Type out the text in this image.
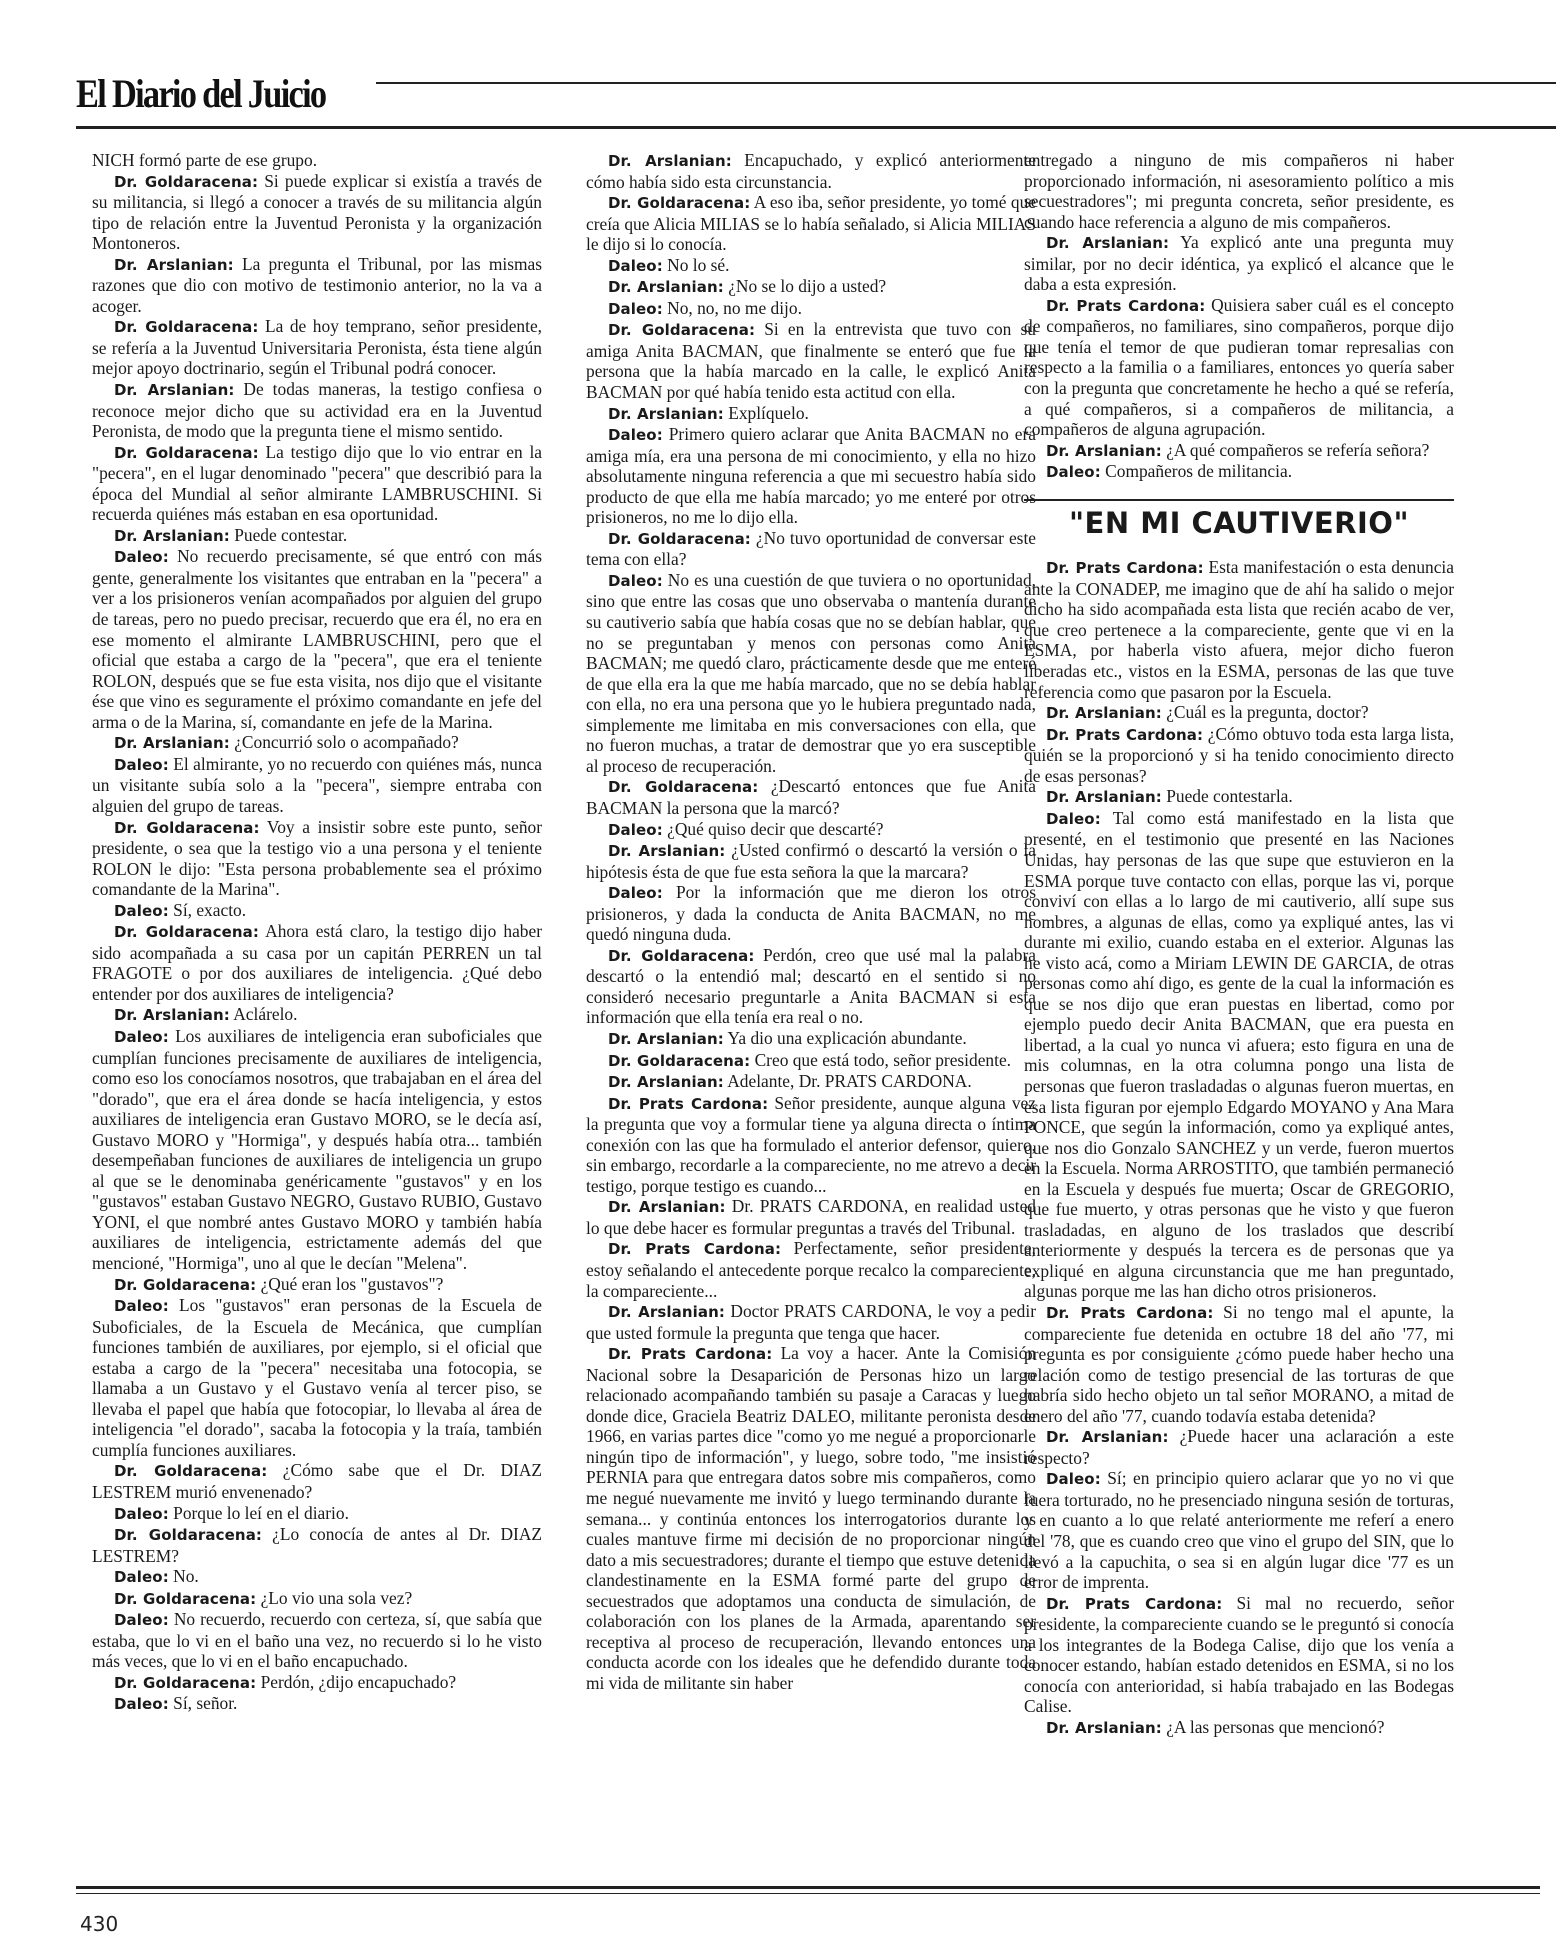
El Diario del Juicio

NICH formó parte de ese grupo.

Dr. Goldaracena: Si puede explicar si existía a través de su militancia, si llegó a conocer a través de su militancia algún tipo de relación entre la Juventud Peronista y la organización Montoneros.

Dr. Arslanian: La pregunta el Tribunal, por las mismas razones que dio con motivo de testimonio anterior, no la va a acoger.

Dr. Goldaracena: La de hoy temprano, señor presidente, se refería a la Juventud Universitaria Peronista, ésta tiene algún mejor apoyo doctrinario, según el Tribunal podrá conocer.

Dr. Arslanian: De todas maneras, la testigo confiesa o reconoce mejor dicho que su actividad era en la Juventud Peronista, de modo que la pregunta tiene el mismo sentido.

Dr. Goldaracena: La testigo dijo que lo vio entrar en la "pecera", en el lugar denominado "pecera" que describió para la época del Mundial al señor almirante LAMBRUSCHINI. Si recuerda quiénes más estaban en esa oportunidad.

Dr. Arslanian: Puede contestar.

Daleo: No recuerdo precisamente, sé que entró con más gente, generalmente los visitantes que entraban en la "pecera" a ver a los prisioneros venían acompañados por alguien del grupo de tareas, pero no puedo precisar, recuerdo que era él, no era en ese momento el almirante LAMBRUSCHINI, pero que el oficial que estaba a cargo de la "pecera", que era el teniente ROLON, después que se fue esta visita, nos dijo que el visitante ése que vino es seguramente el próximo comandante en jefe del arma o de la Marina, sí, comandante en jefe de la Marina.

Dr. Arslanian: ¿Concurrió solo o acompañado?

Daleo: El almirante, yo no recuerdo con quiénes más, nunca un visitante subía solo a la "pecera", siempre entraba con alguien del grupo de tareas.

Dr. Goldaracena: Voy a insistir sobre este punto, señor presidente, o sea que la testigo vio a una persona y el teniente ROLON le dijo: "Esta persona probablemente sea el próximo comandante de la Marina".

Daleo: Sí, exacto.

Dr. Goldaracena: Ahora está claro, la testigo dijo haber sido acompañada a su casa por un capitán PERREN un tal FRAGOTE o por dos auxiliares de inteligencia. ¿Qué debo entender por dos auxiliares de inteligencia?

Dr. Arslanian: Aclárelo.

Daleo: Los auxiliares de inteligencia eran suboficiales que cumplían funciones precisamente de auxiliares de inteligencia, como eso los conocíamos nosotros, que trabajaban en el área del "dorado", que era el área donde se hacía inteligencia, y estos auxiliares de inteligencia eran Gustavo MORO, se le decía así, Gustavo MORO y "Hormiga", y después había otra... también desempeñaban funciones de auxiliares de inteligencia un grupo al que se le denominaba genéricamente "gustavos" y en los "gustavos" estaban Gustavo NEGRO, Gustavo RUBIO, Gustavo YONI, el que nombré antes Gustavo MORO y también había auxiliares de inteligencia, estrictamente además del que mencioné, "Hormiga", uno al que le decían "Melena".

Dr. Goldaracena: ¿Qué eran los "gustavos"?

Daleo: Los "gustavos" eran personas de la Escuela de Suboficiales, de la Escuela de Mecánica, que cumplían funciones también de auxiliares, por ejemplo, si el oficial que estaba a cargo de la "pecera" necesitaba una fotocopia, se llamaba a un Gustavo y el Gustavo venía al tercer piso, se llevaba el papel que había que fotocopiar, lo llevaba al área de inteligencia "el dorado", sacaba la fotocopia y la traía, también cumplía funciones auxiliares.

Dr. Goldaracena: ¿Cómo sabe que el Dr. DIAZ LESTREM murió envenenado?

Daleo: Porque lo leí en el diario.

Dr. Goldaracena: ¿Lo conocía de antes al Dr. DIAZ LESTREM?

Daleo: No.

Dr. Goldaracena: ¿Lo vio una sola vez?

Daleo: No recuerdo, recuerdo con certeza, sí, que sabía que estaba, que lo vi en el baño una vez, no recuerdo si lo he visto más veces, que lo vi en el baño encapuchado.

Dr. Goldaracena: Perdón, ¿dijo encapuchado?

Daleo: Sí, señor.

Dr. Arslanian: Encapuchado, y explicó anteriormente cómo había sido esta circunstancia.

Dr. Goldaracena: A eso iba, señor presidente, yo tomé que creía que Alicia MILIAS se lo había señalado, si Alicia MILIAS le dijo si lo conocía.

Daleo: No lo sé.

Dr. Arslanian: ¿No se lo dijo a usted?

Daleo: No, no, no me dijo.

Dr. Goldaracena: Si en la entrevista que tuvo con su amiga Anita BACMAN, que finalmente se enteró que fue la persona que la había marcado en la calle, le explicó Anita BACMAN por qué había tenido esta actitud con ella.

Dr. Arslanian: Explíquelo.

Daleo: Primero quiero aclarar que Anita BACMAN no era amiga mía, era una persona de mi conocimiento, y ella no hizo absolutamente ninguna referencia a que mi secuestro había sido producto de que ella me había marcado; yo me enteré por otros prisioneros, no me lo dijo ella.

Dr. Goldaracena: ¿No tuvo oportunidad de conversar este tema con ella?

Daleo: No es una cuestión de que tuviera o no oportunidad, sino que entre las cosas que uno observaba o mantenía durante su cautiverio sabía que había cosas que no se debían hablar, que no se preguntaban y menos con personas como Anita BACMAN; me quedó claro, prácticamente desde que me enteré de que ella era la que me había marcado, que no se debía hablar con ella, no era una persona que yo le hubiera preguntado nada, simplemente me limitaba en mis conversaciones con ella, que no fueron muchas, a tratar de demostrar que yo era susceptible al proceso de recuperación.

Dr. Goldaracena: ¿Descartó entonces que fue Anita BACMAN la persona que la marcó?

Daleo: ¿Qué quiso decir que descarté?

Dr. Arslanian: ¿Usted confirmó o descartó la versión o la hipótesis ésta de que fue esta señora la que la marcara?

Daleo: Por la información que me dieron los otros prisioneros, y dada la conducta de Anita BACMAN, no me quedó ninguna duda.

Dr. Goldaracena: Perdón, creo que usé mal la palabra descartó o la entendió mal; descartó en el sentido si no consideró necesario preguntarle a Anita BACMAN si esta información que ella tenía era real o no.

Dr. Arslanian: Ya dio una explicación abundante.

Dr. Goldaracena: Creo que está todo, señor presidente.

Dr. Arslanian: Adelante, Dr. PRATS CARDONA.

Dr. Prats Cardona: Señor presidente, aunque alguna vez la pregunta que voy a formular tiene ya alguna directa o íntima conexión con las que ha formulado el anterior defensor, quiero, sin embargo, recordarle a la compareciente, no me atrevo a decir testigo, porque testigo es cuando...

Dr. Arslanian: Dr. PRATS CARDONA, en realidad usted lo que debe hacer es formular preguntas a través del Tribunal.

Dr. Prats Cardona: Perfectamente, señor presidente, estoy señalando el antecedente porque recalco la compareciente, la compareciente...

Dr. Arslanian: Doctor PRATS CARDONA, le voy a pedir que usted formule la pregunta que tenga que hacer.

Dr. Prats Cardona: La voy a hacer. Ante la Comisión Nacional sobre la Desaparición de Personas hizo un largo relacionado acompañando también su pasaje a Caracas y luego donde dice, Graciela Beatriz DALEO, militante peronista desde 1966, en varias partes dice "como yo me negué a proporcionarle ningún tipo de información", y luego, sobre todo, "me insistió PERNIA para que entregara datos sobre mis compañeros, como me negué nuevamente me invitó y luego terminando durante la semana... y continúa entonces los interrogatorios durante los cuales mantuve firme mi decisión de no proporcionar ningún dato a mis secuestradores; durante el tiempo que estuve detenida clandestinamente en la ESMA formé parte del grupo de secuestrados que adoptamos una conducta de simulación, de colaboración con los planes de la Armada, aparentando ser receptiva al proceso de recuperación, llevando entonces una conducta acorde con los ideales que he defendido durante toda mi vida de militante sin haber

entregado a ninguno de mis compañeros ni haber proporcionado información, ni asesoramiento político a mis secuestradores"; mi pregunta concreta, señor presidente, es cuando hace referencia a alguno de mis compañeros.

Dr. Arslanian: Ya explicó ante una pregunta muy similar, por no decir idéntica, ya explicó el alcance que le daba a esta expresión.

Dr. Prats Cardona: Quisiera saber cuál es el concepto de compañeros, no familiares, sino compañeros, porque dijo que tenía el temor de que pudieran tomar represalias con respecto a la familia o a familiares, entonces yo quería saber con la pregunta que concretamente he hecho a qué se refería, a qué compañeros, si a compañeros de militancia, a compañeros de alguna agrupación.

Dr. Arslanian: ¿A qué compañeros se refería señora?

Daleo: Compañeros de militancia.

"EN MI CAUTIVERIO"

Dr. Prats Cardona: Esta manifestación o esta denuncia ante la CONADEP, me imagino que de ahí ha salido o mejor dicho ha sido acompañada esta lista que recién acabo de ver, que creo pertenece a la compareciente, gente que vi en la ESMA, por haberla visto afuera, mejor dicho fueron liberadas etc., vistos en la ESMA, personas de las que tuve referencia como que pasaron por la Escuela.

Dr. Arslanian: ¿Cuál es la pregunta, doctor?

Dr. Prats Cardona: ¿Cómo obtuvo toda esta larga lista, quién se la proporcionó y si ha tenido conocimiento directo de esas personas?

Dr. Arslanian: Puede contestarla.

Daleo: Tal como está manifestado en la lista que presenté, en el testimonio que presenté en las Naciones Unidas, hay personas de las que supe que estuvieron en la ESMA porque tuve contacto con ellas, porque las vi, porque conviví con ellas a lo largo de mi cautiverio, allí supe sus nombres, a algunas de ellas, como ya expliqué antes, las vi durante mi exilio, cuando estaba en el exterior. Algunas las he visto acá, como a Miriam LEWIN DE GARCIA, de otras personas como ahí digo, es gente de la cual la información es que se nos dijo que eran puestas en libertad, como por ejemplo puedo decir Anita BACMAN, que era puesta en libertad, a la cual yo nunca vi afuera; esto figura en una de mis columnas, en la otra columna pongo una lista de personas que fueron trasladadas o algunas fueron muertas, en esa lista figuran por ejemplo Edgardo MOYANO y Ana Mara PONCE, que según la información, como ya expliqué antes, que nos dio Gonzalo SANCHEZ y un verde, fueron muertos en la Escuela. Norma ARROSTITO, que también permaneció en la Escuela y después fue muerta; Oscar de GREGORIO, que fue muerto, y otras personas que he visto y que fueron trasladadas, en alguno de los traslados que describí anteriormente y después la tercera es de personas que ya expliqué en alguna circunstancia que me han preguntado, algunas porque me las han dicho otros prisioneros.

Dr. Prats Cardona: Si no tengo mal el apunte, la compareciente fue detenida en octubre 18 del año '77, mi pregunta es por consiguiente ¿cómo puede haber hecho una relación como de testigo presencial de las torturas de que habría sido hecho objeto un tal señor MORANO, a mitad de enero del año '77, cuando todavía estaba detenida?

Dr. Arslanian: ¿Puede hacer una aclaración a este respecto?

Daleo: Sí; en principio quiero aclarar que yo no vi que fuera torturado, no he presenciado ninguna sesión de torturas, y en cuanto a lo que relaté anteriormente me referí a enero del '78, que es cuando creo que vino el grupo del SIN, que lo llevó a la capuchita, o sea si en algún lugar dice '77 es un error de imprenta.

Dr. Prats Cardona: Si mal no recuerdo, señor presidente, la compareciente cuando se le preguntó si conocía a los integrantes de la Bodega Calise, dijo que los venía a conocer estando, habían estado detenidos en ESMA, si no los conocía con anterioridad, si había trabajado en las Bodegas Calise.

Dr. Arslanian: ¿A las personas que mencionó?

430
